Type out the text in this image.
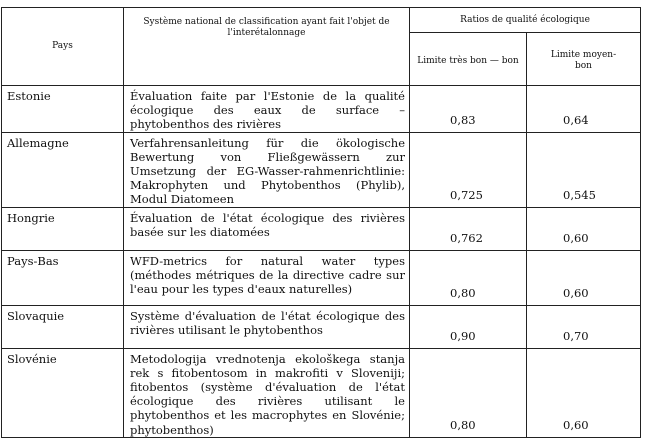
Pays	Système national de classification ayant fait l'objet de l'interétalonnage	Ratios de qualité écologique	
		Limite très bon — bon	Limite moyen-bon
Estonie	Évaluation faite par l'Estonie de la qualité écologique des eaux de surface – phytobenthos des rivières	0,83	0,64
Allemagne	Verfahrensanleitung für die ökologische Bewertung von Fließgewässern zur Umsetzung der EG-Wasser-rahmenrichtlinie: Makrophyten und Phytobenthos (Phylib), Modul Diatomeen	0,725	0,545
Hongrie	Évaluation de l'état écologique des rivières basée sur les diatomées	0,762	0,60
Pays-Bas	WFD-metrics for natural water types (méthodes métriques de la directive cadre sur l'eau pour les types d'eaux naturelles)	0,80	0,60
Slovaquie	Système d'évaluation de l'état écologique des rivières utilisant le phytobenthos	0,90	0,70
Slovénie	Metodologija vrednotenja ekološkega stanja rek s fitobentosom in makrofiti v Sloveniji; fitobentos (système d'évaluation de l'état écologique des rivières utilisant le phytobenthos et les macrophytes en Slovénie; phytobenthos)	0,80	0,60
